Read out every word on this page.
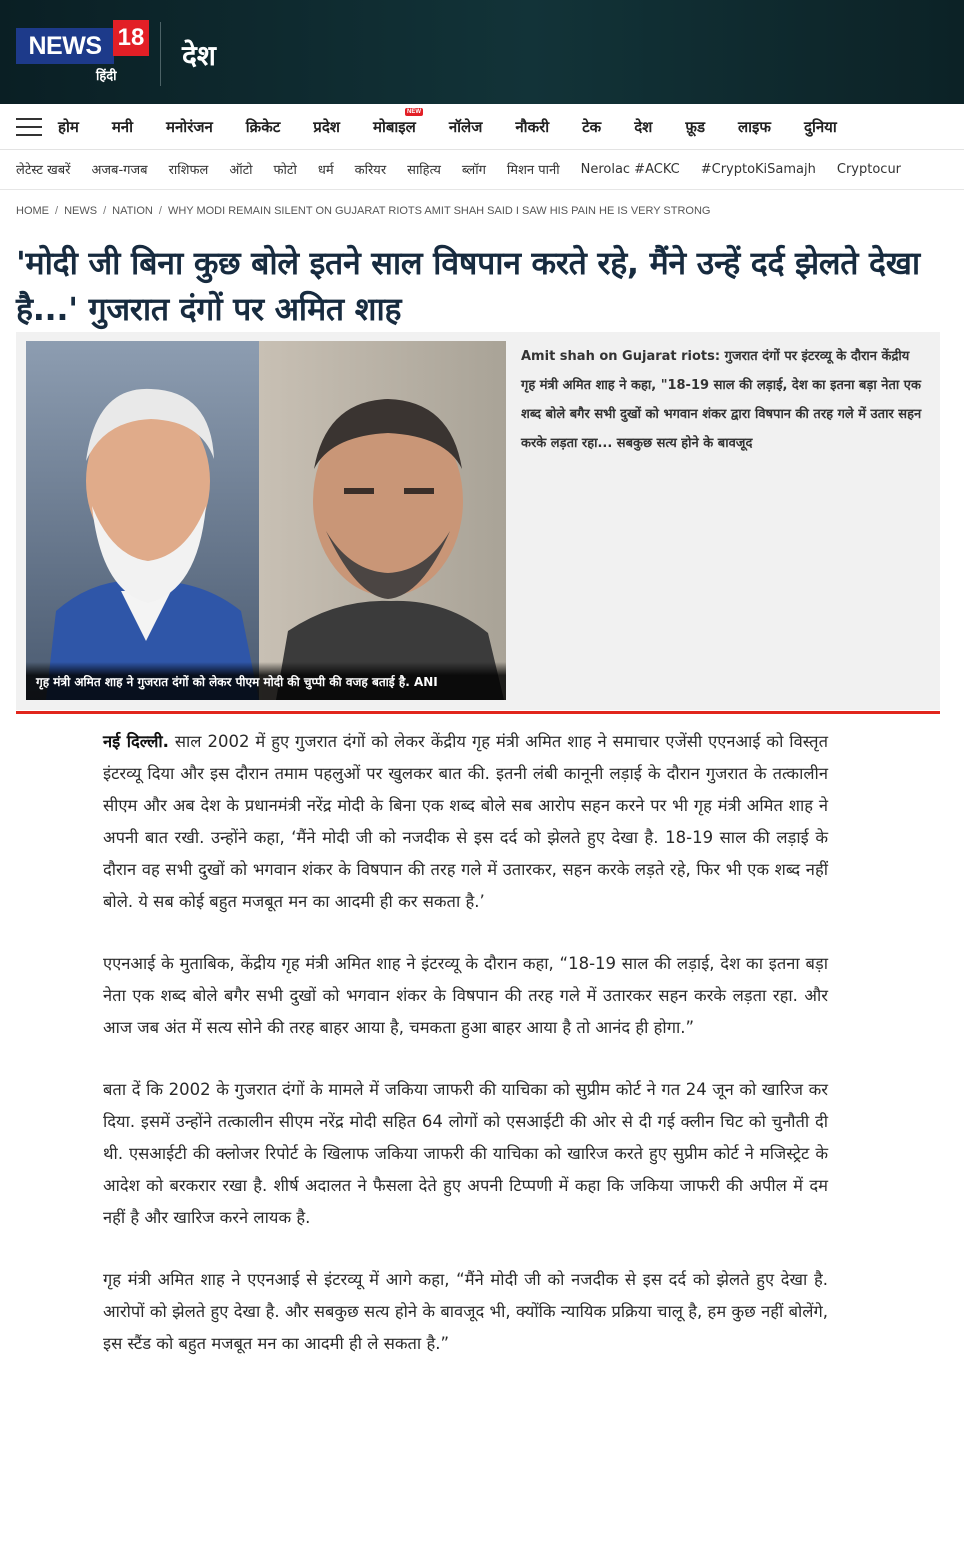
NEWS 18
हिंदी
देश
होम मनी मनोरंजन क्रिकेट प्रदेश मोबाइल
NEW
नॉलेज नौकरी टेक देश फ़ूड लाइफ दुनिया
लेटेस्ट खबरें अजब-गजब राशिफल ऑटो फोटो धर्म करियर साहित्य ब्लॉग मिशन पानी Nerolac #ACKC #CryptoKiSamajh Cryptocur
HOME / NEWS / NATION / WHY MODI REMAIN SILENT ON GUJARAT RIOTS AMIT SHAH SAID I SAW HIS PAIN HE IS VERY STRONG
'मोदी जी बिना कुछ बोले इतने साल विषपान करते रहे, मैंने उन्हें दर्द झेलते देखा है...' गुजरात दंगों पर अमित शाह
गृह मंत्री अमित शाह ने गुजरात दंगों को लेकर पीएम मोदी की चुप्पी की वजह बताई है. ANI

Amit shah on Gujarat riots: गुजरात दंगों पर इंटरव्यू के दौरान केंद्रीय गृह मंत्री अमित शाह ने कहा, "18-19 साल की लड़ाई, देश का इतना बड़ा नेता एक शब्द बोले बगैर सभी दुखों को भगवान शंकर द्वारा विषपान की तरह गले में उतार सहन करके लड़ता रहा... सबकुछ सत्य होने के बावजूद

नई दिल्ली. साल 2002 में हुए गुजरात दंगों को लेकर केंद्रीय गृह मंत्री अमित शाह ने समाचार एजेंसी एएनआई को विस्तृत इंटरव्यू दिया और इस दौरान तमाम पहलुओं पर खुलकर बात की. इतनी लंबी कानूनी लड़ाई के दौरान गुजरात के तत्कालीन सीएम और अब देश के प्रधानमंत्री नरेंद्र मोदी के बिना एक शब्द बोले सब आरोप सहन करने पर भी गृह मंत्री अमित शाह ने अपनी बात रखी. उन्होंने कहा, ‘मैंने मोदी जी को नजदीक से इस दर्द को झेलते हुए देखा है. 18-19 साल की लड़ाई के दौरान वह सभी दुखों को भगवान शंकर के विषपान की तरह गले में उतारकर, सहन करके लड़ते रहे, फिर भी एक शब्द नहीं बोले. ये सब कोई बहुत मजबूत मन का आदमी ही कर सकता है.’

एएनआई के मुताबिक, केंद्रीय गृह मंत्री अमित शाह ने इंटरव्यू के दौरान कहा, “18-19 साल की लड़ाई, देश का इतना बड़ा नेता एक शब्द बोले बगैर सभी दुखों को भगवान शंकर के विषपान की तरह गले में उतारकर सहन करके लड़ता रहा. और आज जब अंत में सत्य सोने की तरह बाहर आया है, चमकता हुआ बाहर आया है तो आनंद ही होगा.”

बता दें कि 2002 के गुजरात दंगों के मामले में जकिया जाफरी की याचिका को सुप्रीम कोर्ट ने गत 24 जून को खारिज कर दिया. इसमें उन्होंने तत्कालीन सीएम नरेंद्र मोदी सहित 64 लोगों को एसआईटी की ओर से दी गई क्लीन चिट को चुनौती दी थी. एसआईटी की क्लोजर रिपोर्ट के खिलाफ जकिया जाफरी की याचिका को खारिज करते हुए सुप्रीम कोर्ट ने मजिस्ट्रेट के आदेश को बरकरार रखा है. शीर्ष अदालत ने फैसला देते हुए अपनी टिप्पणी में कहा कि जकिया जाफरी की अपील में दम नहीं है और खारिज करने लायक है.

गृह मंत्री अमित शाह ने एएनआई से इंटरव्यू में आगे कहा, “मैंने मोदी जी को नजदीक से इस दर्द को झेलते हुए देखा है. आरोपों को झेलते हुए देखा है. और सबकुछ सत्य होने के बावजूद भी, क्योंकि न्यायिक प्रक्रिया चालू है, हम कुछ नहीं बोलेंगे, इस स्टैंड को बहुत मजबूत मन का आदमी ही ले सकता है.”
